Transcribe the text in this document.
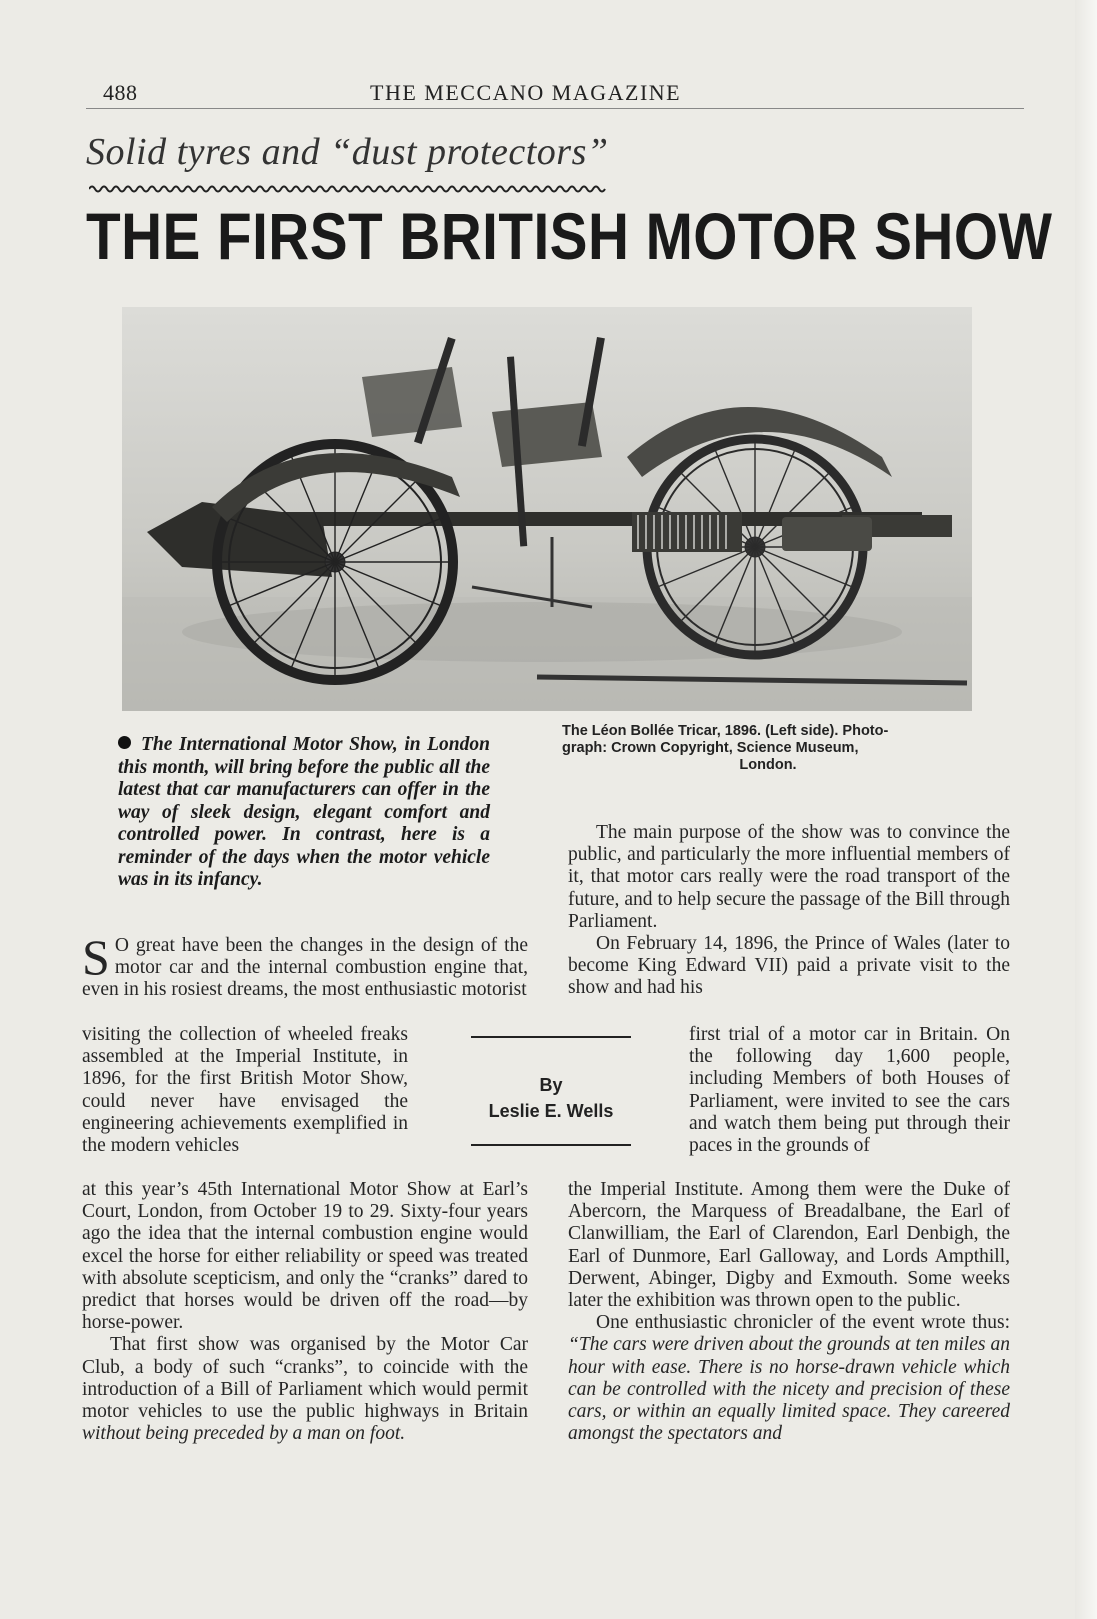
488	THE MECCANO MAGAZINE
Solid tyres and “dust protectors”
THE FIRST BRITISH MOTOR SHOW
The Léon Bollée Tricar, 1896. (Left side). Photo-
graph: Crown Copyright, Science Museum,
London.
The International Motor Show, in London this month, will bring before the public all the latest that car manufacturers can offer in the way of sleek design, elegant comfort and controlled power. In contrast, here is a reminder of the days when the motor vehicle was in its infancy.

S O great have been the changes in the design of the motor car and the internal combustion engine that, even in his rosiest dreams, the most enthusiastic motorist

visiting the collection of wheeled freaks assembled at the Imperial Institute, in 1896, for the first British Motor Show, could never have envisaged the engineering achievements exemplified in the modern vehicles

at this year’s 45th International Motor Show at Earl’s Court, London, from October 19 to 29. Sixty-four years ago the idea that the internal combustion engine would excel the horse for either reliability or speed was treated with absolute scepticism, and only the “cranks” dared to predict that horses would be driven off the road—by horse-power.

That first show was organised by the Motor Car Club, a body of such “cranks”, to coincide with the introduction of a Bill of Parliament which would permit motor vehicles to use the public highways in Britain without being preceded by a man on foot.

By
Leslie E. Wells

The main purpose of the show was to convince the public, and particularly the more influential members of it, that motor cars really were the road transport of the future, and to help secure the passage of the Bill through Parliament.

On February 14, 1896, the Prince of Wales (later to become King Edward VII) paid a private visit to the show and had his

first trial of a motor car in Britain. On the following day 1,600 people, including Members of both Houses of Parliament, were invited to see the cars and watch them being put through their paces in the grounds of

the Imperial Institute. Among them were the Duke of Abercorn, the Marquess of Breadalbane, the Earl of Clanwilliam, the Earl of Clarendon, Earl Denbigh, the Earl of Dunmore, Earl Galloway, and Lords Ampthill, Derwent, Abinger, Digby and Exmouth. Some weeks later the exhibition was thrown open to the public.

One enthusiastic chronicler of the event wrote thus: “The cars were driven about the grounds at ten miles an hour with ease. There is no horse-drawn vehicle which can be controlled with the nicety and precision of these cars, or within an equally limited space. They careered amongst the spectators and
